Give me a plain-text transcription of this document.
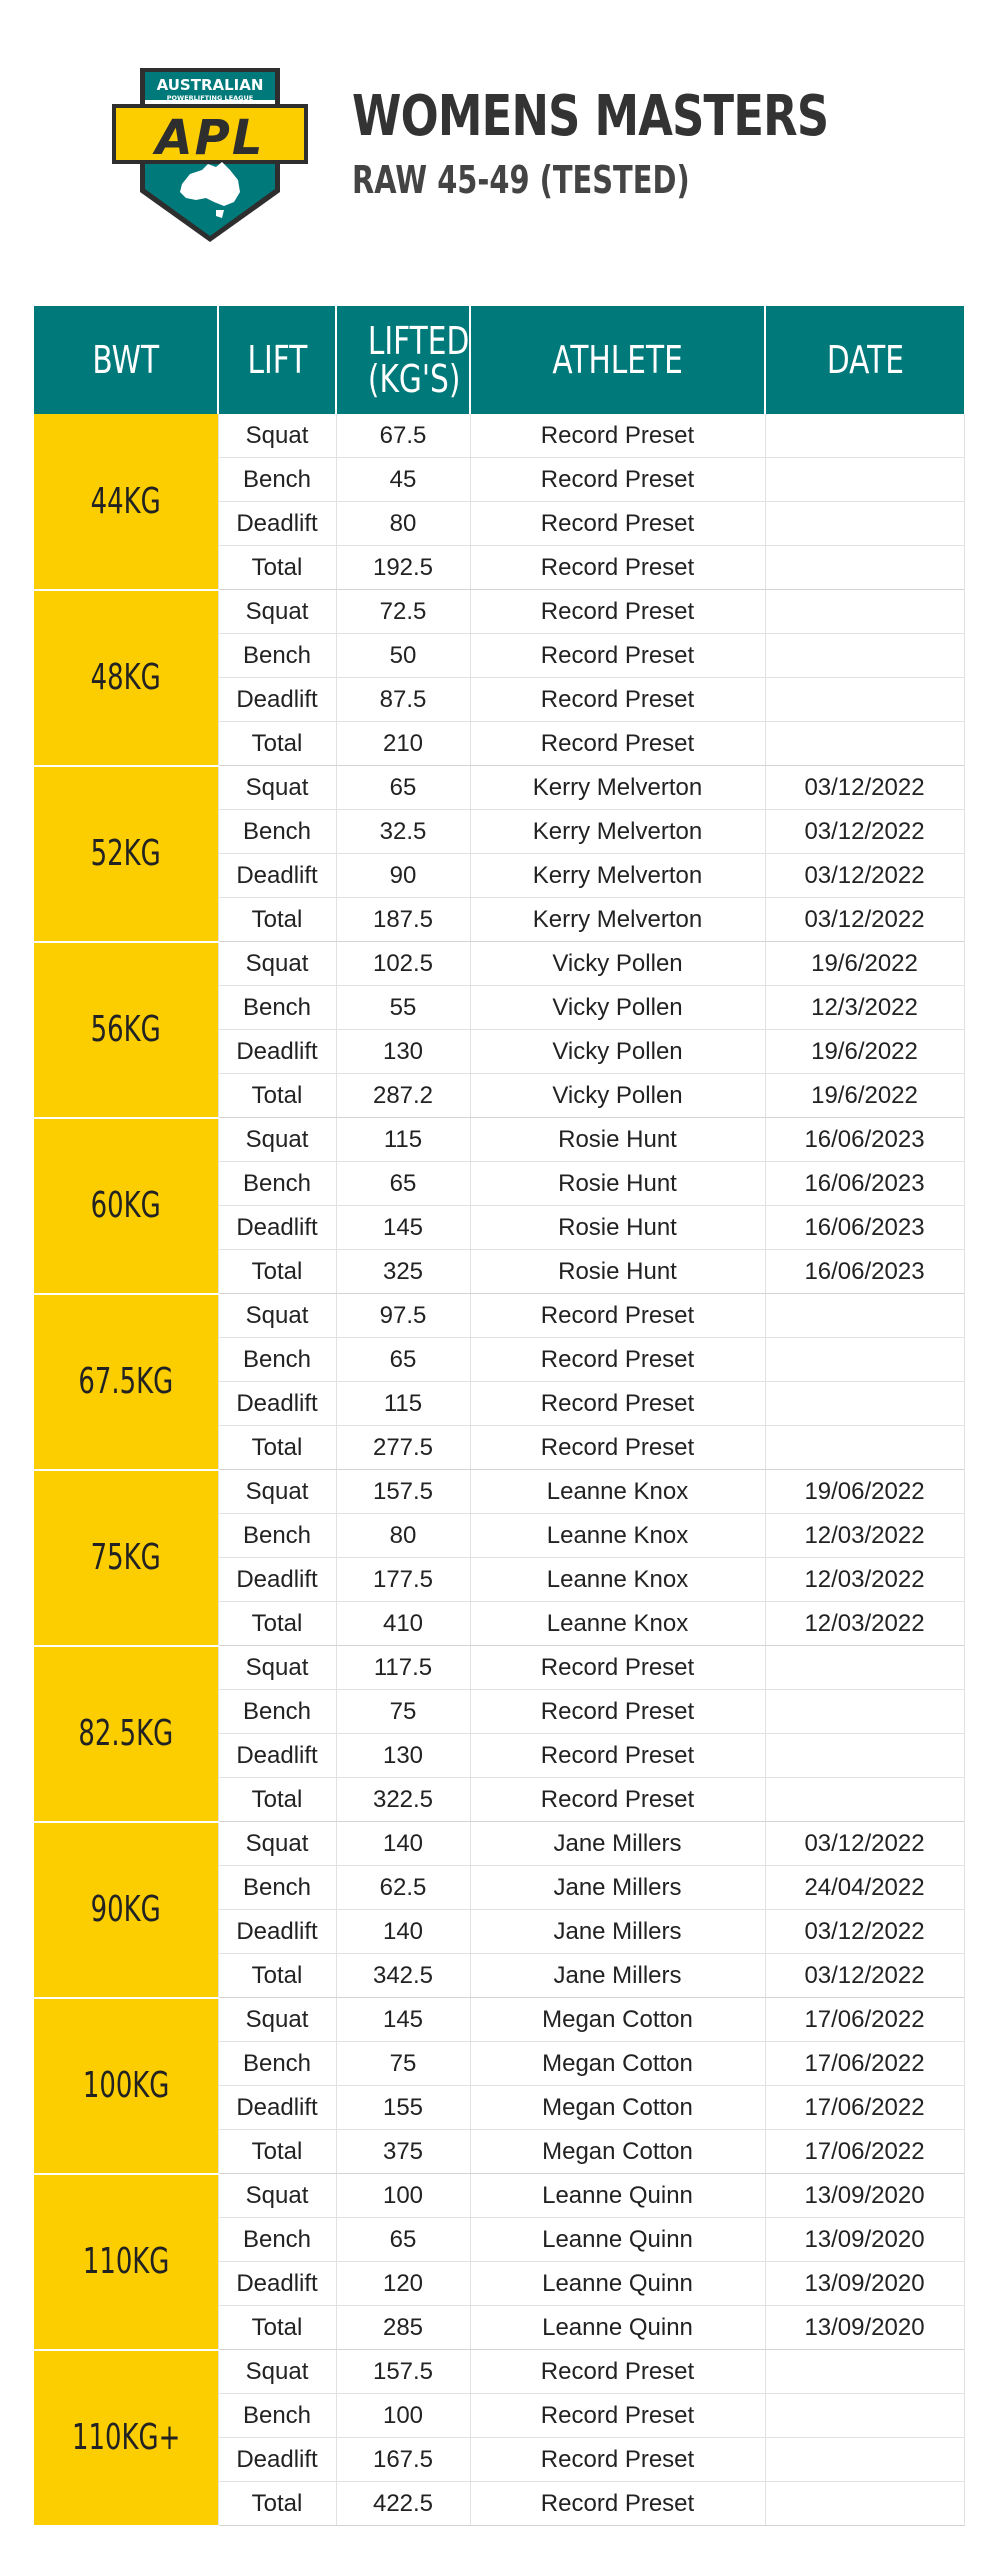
AUSTRALIAN
POWERLIFTING LEAGUE
APL WOMENS MASTERS
RAW 45-49 (TESTED)
BWT	LIFT	LIFTED (KG'S)	ATHLETE	DATE
44KG	Squat	67.5	Record Preset	
	Bench	45	Record Preset	
	Deadlift	80	Record Preset	
	Total	192.5	Record Preset	
48KG	Squat	72.5	Record Preset	
	Bench	50	Record Preset	
	Deadlift	87.5	Record Preset	
	Total	210	Record Preset	
52KG	Squat	65	Kerry Melverton	03/12/2022
	Bench	32.5	Kerry Melverton	03/12/2022
	Deadlift	90	Kerry Melverton	03/12/2022
	Total	187.5	Kerry Melverton	03/12/2022
56KG	Squat	102.5	Vicky Pollen	19/6/2022
	Bench	55	Vicky Pollen	12/3/2022
	Deadlift	130	Vicky Pollen	19/6/2022
	Total	287.2	Vicky Pollen	19/6/2022
60KG	Squat	115	Rosie Hunt	16/06/2023
	Bench	65	Rosie Hunt	16/06/2023
	Deadlift	145	Rosie Hunt	16/06/2023
	Total	325	Rosie Hunt	16/06/2023
67.5KG	Squat	97.5	Record Preset	
	Bench	65	Record Preset	
	Deadlift	115	Record Preset	
	Total	277.5	Record Preset	
75KG	Squat	157.5	Leanne Knox	19/06/2022
	Bench	80	Leanne Knox	12/03/2022
	Deadlift	177.5	Leanne Knox	12/03/2022
	Total	410	Leanne Knox	12/03/2022
82.5KG	Squat	117.5	Record Preset	
	Bench	75	Record Preset	
	Deadlift	130	Record Preset	
	Total	322.5	Record Preset	
90KG	Squat	140	Jane Millers	03/12/2022
	Bench	62.5	Jane Millers	24/04/2022
	Deadlift	140	Jane Millers	03/12/2022
	Total	342.5	Jane Millers	03/12/2022
100KG	Squat	145	Megan Cotton	17/06/2022
	Bench	75	Megan Cotton	17/06/2022
	Deadlift	155	Megan Cotton	17/06/2022
	Total	375	Megan Cotton	17/06/2022
110KG	Squat	100	Leanne Quinn	13/09/2020
	Bench	65	Leanne Quinn	13/09/2020
	Deadlift	120	Leanne Quinn	13/09/2020
	Total	285	Leanne Quinn	13/09/2020
110KG+	Squat	157.5	Record Preset	
	Bench	100	Record Preset	
	Deadlift	167.5	Record Preset	
	Total	422.5	Record Preset	
